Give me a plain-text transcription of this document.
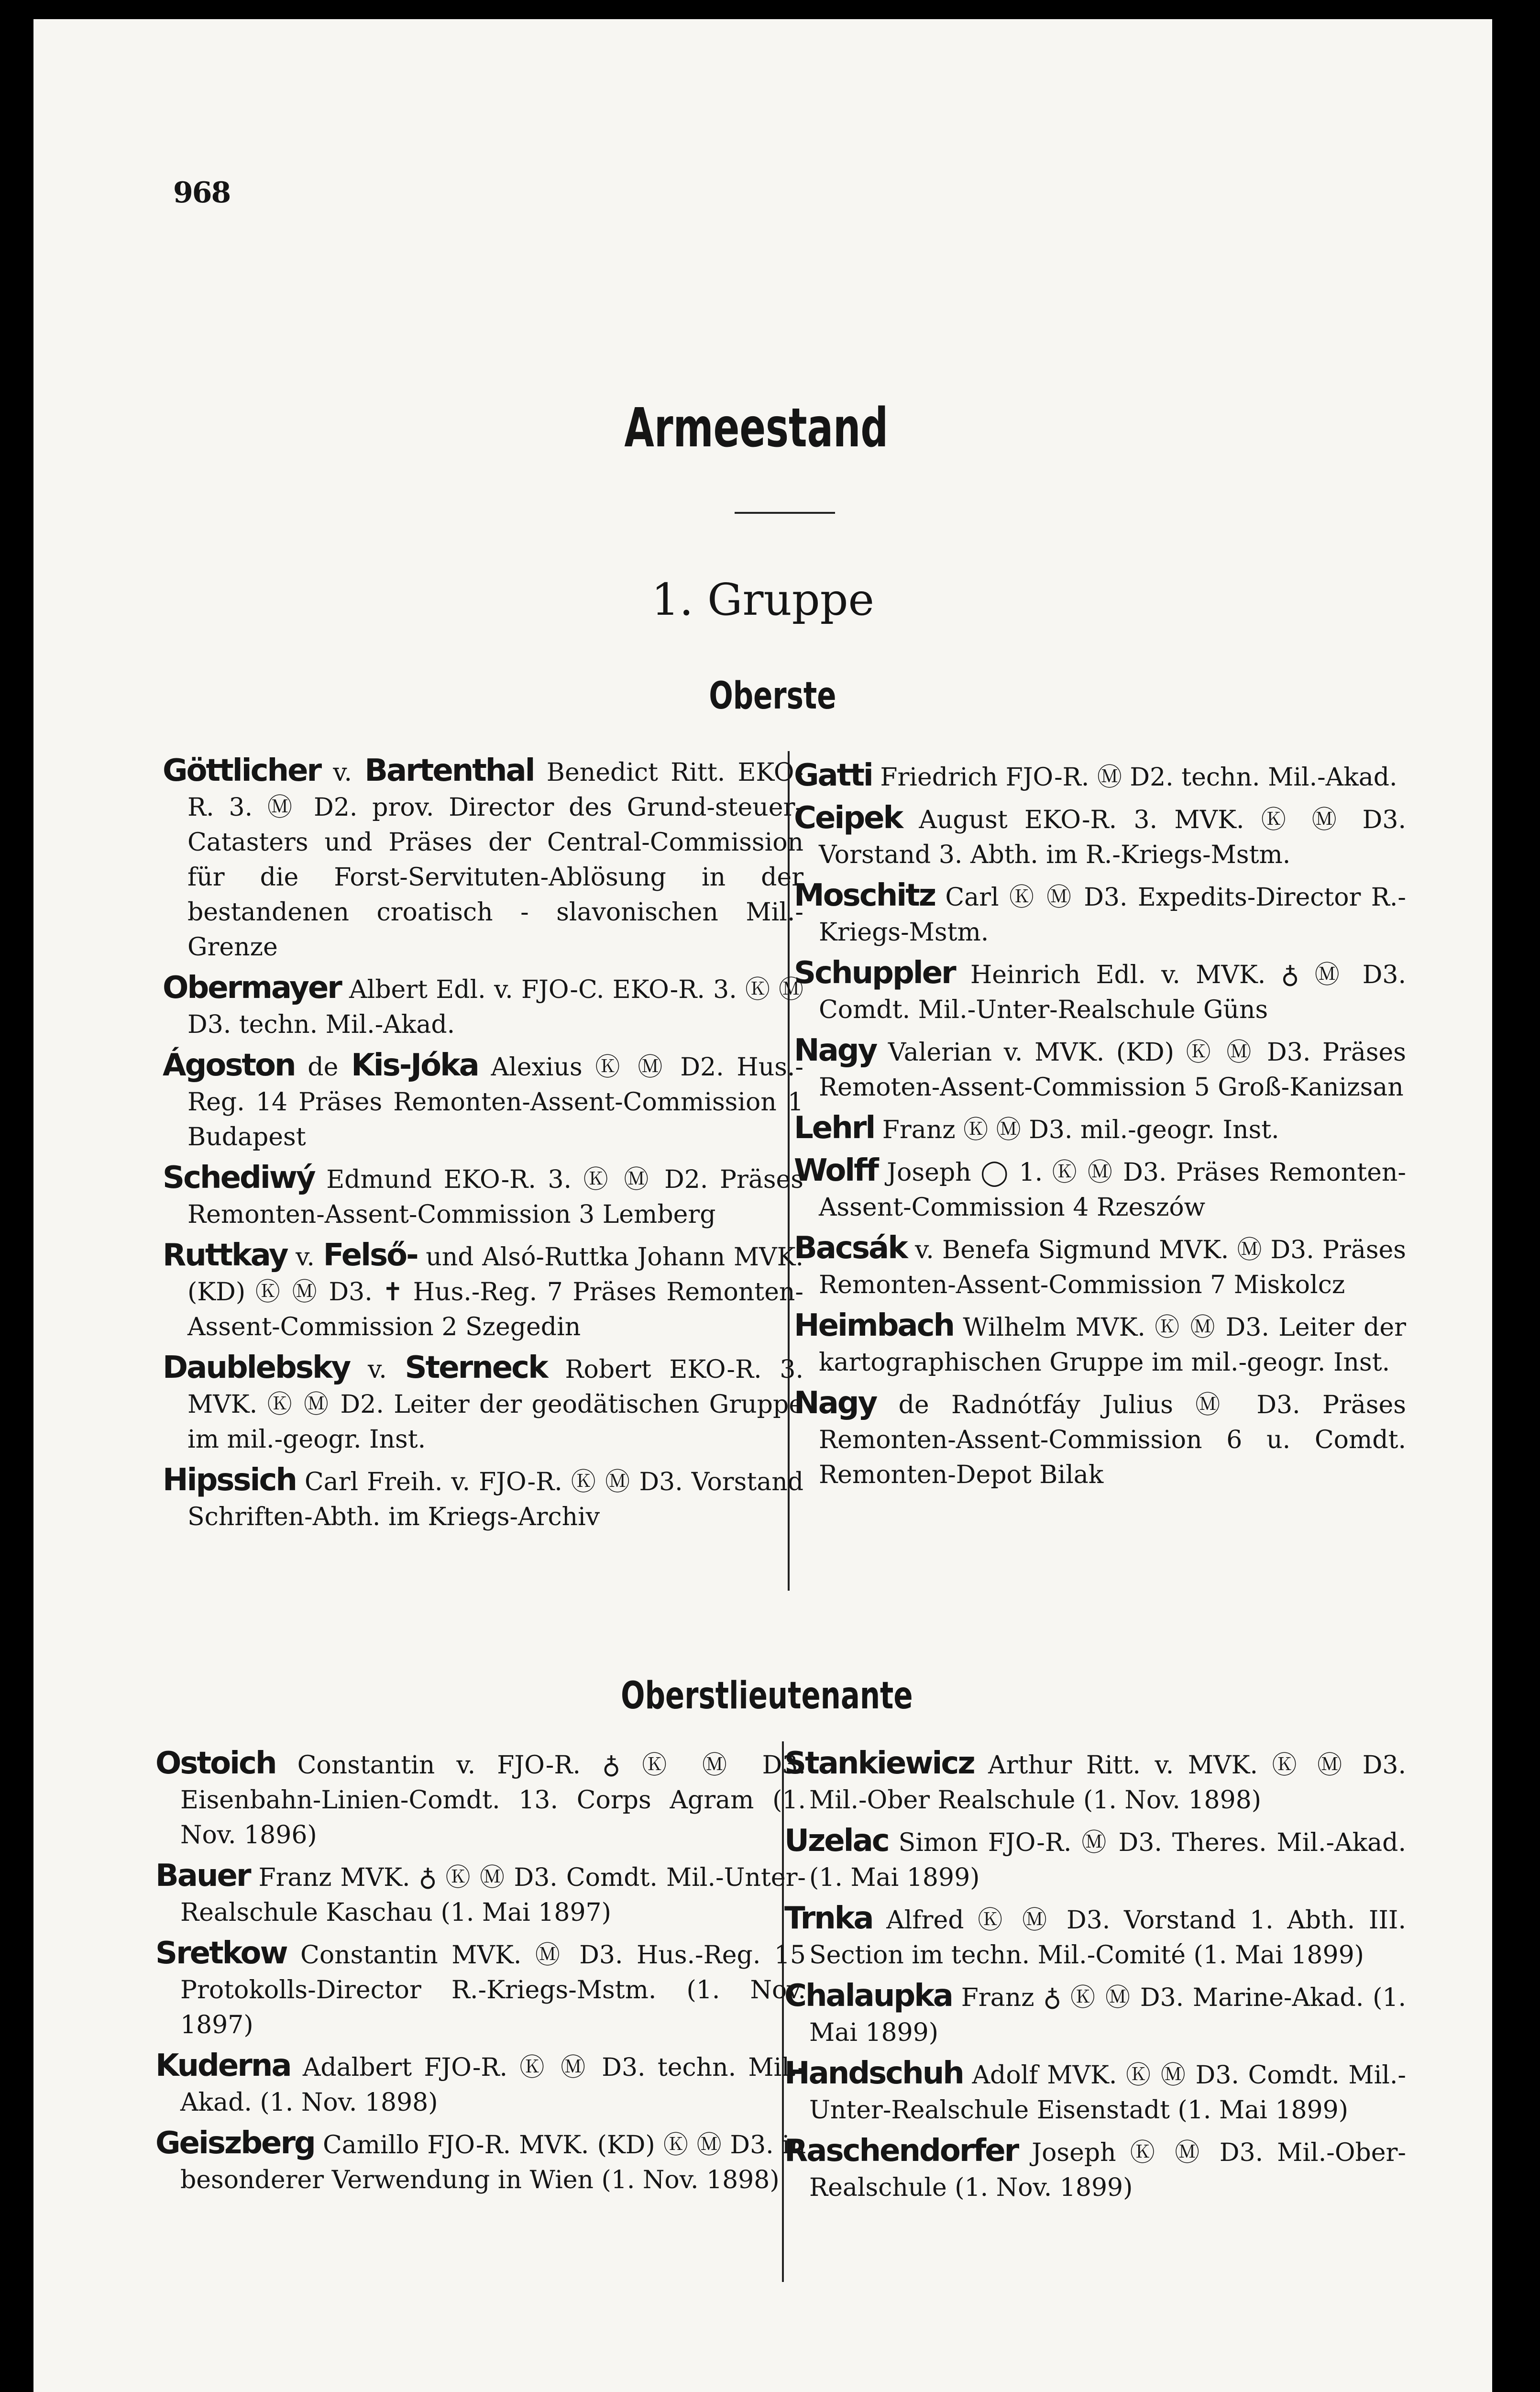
968
Armeestand
1. Gruppe
Oberste
Göttlicher v. Bartenthal Benedict Ritt. EKO-R. 3. Ⓜ D2. prov. Director des Grund-steuer-Catasters und Präses der Central-Commission für die Forst-Servituten-Ablösung in der bestandenen croatisch - slavonischen Mil.-Grenze
Obermayer Albert Edl. v. FJO-C. EKO-R. 3. Ⓚ Ⓜ D3. techn. Mil.-Akad.
Ágoston de Kis-Jóka Alexius Ⓚ Ⓜ D2. Hus.-Reg. 14 Präses Remonten-Assent-Commission 1 Budapest
Schediwý Edmund EKO-R. 3. Ⓚ Ⓜ D2. Präses Remonten-Assent-Commission 3 Lemberg
Ruttkay v. Felső- und Alsó-Ruttka Johann MVK. (KD) Ⓚ Ⓜ D3. ✝ Hus.-Reg. 7 Präses Remonten-Assent-Commission 2 Szegedin
Daublebsky v. Sterneck Robert EKO-R. 3. MVK. Ⓚ Ⓜ D2. Leiter der geodätischen Gruppe im mil.-geogr. Inst.
Hipssich Carl Freih. v. FJO-R. Ⓚ Ⓜ D3. Vorstand Schriften-Abth. im Kriegs-Archiv
Gatti Friedrich FJO-R. Ⓜ D2. techn. Mil.-Akad.
Ceipek August EKO-R. 3. MVK. Ⓚ Ⓜ D3. Vorstand 3. Abth. im R.-Kriegs-Mstm.
Moschitz Carl Ⓚ Ⓜ D3. Expedits-Director R.-Kriegs-Mstm.
Schuppler Heinrich Edl. v. MVK. ♁ Ⓜ D3. Comdt. Mil.-Unter-Realschule Güns
Nagy Valerian v. MVK. (KD) Ⓚ Ⓜ D3. Präses Remoten-Assent-Commission 5 Groß-Kanizsan
Lehrl Franz Ⓚ Ⓜ D3. mil.-geogr. Inst.
Wolff Joseph ◯ 1. Ⓚ Ⓜ D3. Präses Remonten-Assent-Commission 4 Rzeszów
Bacsák v. Benefa Sigmund MVK. Ⓜ D3. Präses Remonten-Assent-Commission 7 Miskolcz
Heimbach Wilhelm MVK. Ⓚ Ⓜ D3. Leiter der kartographischen Gruppe im mil.-geogr. Inst.
Nagy de Radnótfáy Julius Ⓜ D3. Präses Remonten-Assent-Commission 6 u. Comdt. Remonten-Depot Bilak
Oberstlieutenante
Ostoich Constantin v. FJO-R. ♁ Ⓚ Ⓜ D3. Eisenbahn-Linien-Comdt. 13. Corps Agram (1. Nov. 1896)
Bauer Franz MVK. ♁ Ⓚ Ⓜ D3. Comdt. Mil.-Unter-Realschule Kaschau (1. Mai 1897)
Sretkow Constantin MVK. Ⓜ D3. Hus.-Reg. 15 Protokolls-Director R.-Kriegs-Mstm. (1. Nov. 1897)
Kuderna Adalbert FJO-R. Ⓚ Ⓜ D3. techn. Mil.-Akad. (1. Nov. 1898)
Geiszberg Camillo FJO-R. MVK. (KD) Ⓚ Ⓜ D3. in besonderer Verwendung in Wien (1. Nov. 1898)
Stankiewicz Arthur Ritt. v. MVK. Ⓚ Ⓜ D3. Mil.-Ober Realschule (1. Nov. 1898)
Uzelac Simon FJO-R. Ⓜ D3. Theres. Mil.-Akad. (1. Mai 1899)
Trnka Alfred Ⓚ Ⓜ D3. Vorstand 1. Abth. III. Section im techn. Mil.-Comité (1. Mai 1899)
Chalaupka Franz ♁ Ⓚ Ⓜ D3. Marine-Akad. (1. Mai 1899)
Handschuh Adolf MVK. Ⓚ Ⓜ D3. Comdt. Mil.-Unter-Realschule Eisenstadt (1. Mai 1899)
Raschendorfer Joseph Ⓚ Ⓜ D3. Mil.-Ober-Realschule (1. Nov. 1899)
